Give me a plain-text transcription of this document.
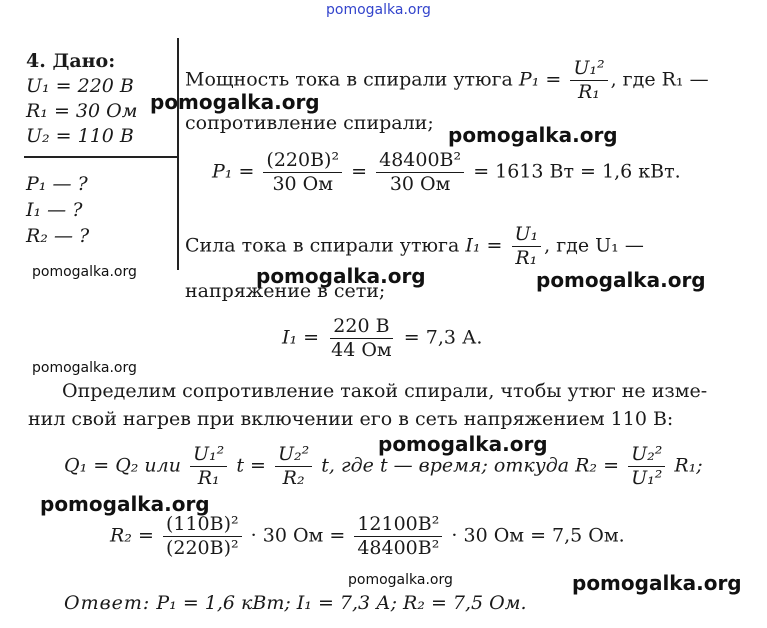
pomogalka.org
4. Дано:
U₁ = 220 В
R₁ = 30 Ом
U₂ = 110 В
P₁ — ?
I₁ — ?
R₂ — ?
Мощность тока в спирали утюга $P_1 = \frac{\text{U₁²}}{\text{R₁}}$ , где R₁ —
сопротивление спирали;
$P_1 = \frac{\text{(220В)²}}{30 Ом} = \frac{\text{48400В²}}{30 Ом} = 1613$ Вт = 1,6 кВт.
Сила тока в спирали утюга $I_1 = \frac{\text{U₁}}{\text{R₁}}$ , где U₁ —
напряжение в сети;
$I_1 = \frac{220 В}{44 Ом} = 7,3$ А.
Определим сопротивление такой спирали, чтобы утюг не изме-
нил свой нагрев при включении его в сеть напряжением 110 В:
Q₁ = Q₂ или $\frac{\text{U₁²}}{\text{R₁}}$ $t = \frac{\text{U₂²}}{\text{R₂}} t$, где t — время; откуда $R_2 = \frac{\text{U₂²}}{\text{U₁²}} R_1$;
$R_2 = \frac{\text{(110В)²}}{\text{(220В)²}} \cdot 30$ Ом = $\frac{\text{12100В²}}{\text{48400В²}} \cdot 30$ Ом = 7,5 Ом.
Ответ: P₁ = 1,6 кВт; I₁ = 7,3 А; R₂ = 7,5 Ом.
pomogalka.org
pomogalka.org
pomogalka.org	pomogalka.org	pomogalka.org
pomogalka.org
pomogalka.org
pomogalka.org
pomogalka.org	pomogalka.org
